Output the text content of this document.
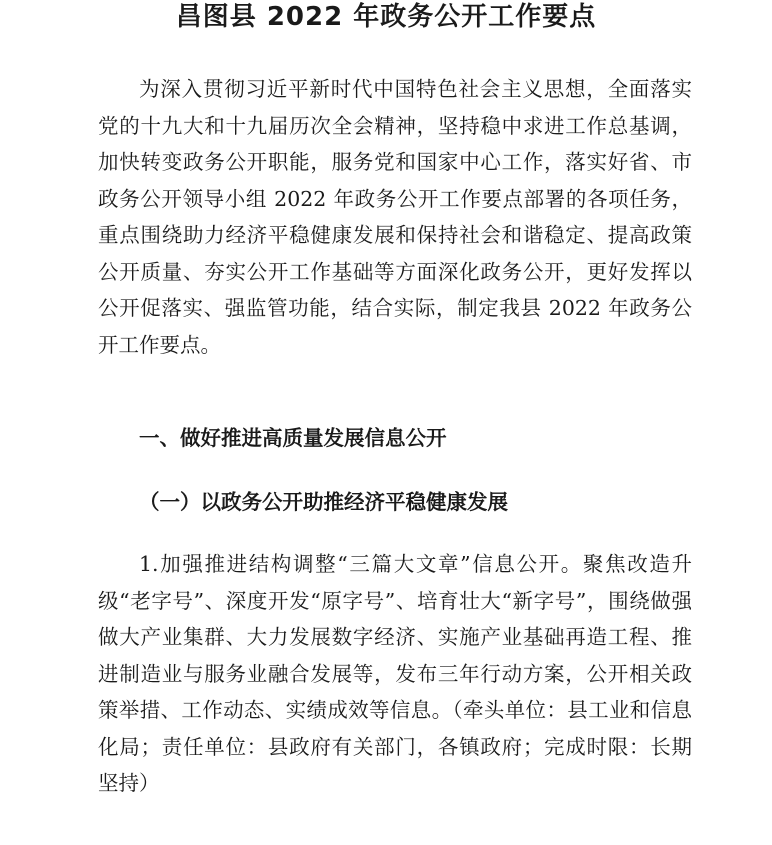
昌图县 2022 年政务公开工作要点

为深入贯彻习近平新时代中国特色社会主义思想，全面落实党的十九大和十九届历次全会精神，坚持稳中求进工作总基调，加快转变政务公开职能，服务党和国家中心工作，落实好省、市政务公开领导小组 2022 年政务公开工作要点部署的各项任务，重点围绕助力经济平稳健康发展和保持社会和谐稳定、提高政策公开质量、夯实公开工作基础等方面深化政务公开，更好发挥以公开促落实、强监管功能，结合实际，制定我县 2022 年政务公开工作要点。

一、做好推进高质量发展信息公开
（一）以政务公开助推经济平稳健康发展

1.加强推进结构调整“三篇大文章”信息公开。聚焦改造升级“老字号”、深度开发“原字号”、培育壮大“新字号”，围绕做强做大产业集群、大力发展数字经济、实施产业基础再造工程、推进制造业与服务业融合发展等，发布三年行动方案，公开相关政策举措、工作动态、实绩成效等信息。（牵头单位：县工业和信息化局；责任单位：县政府有关部门，各镇政府；完成时限：长期坚持）
